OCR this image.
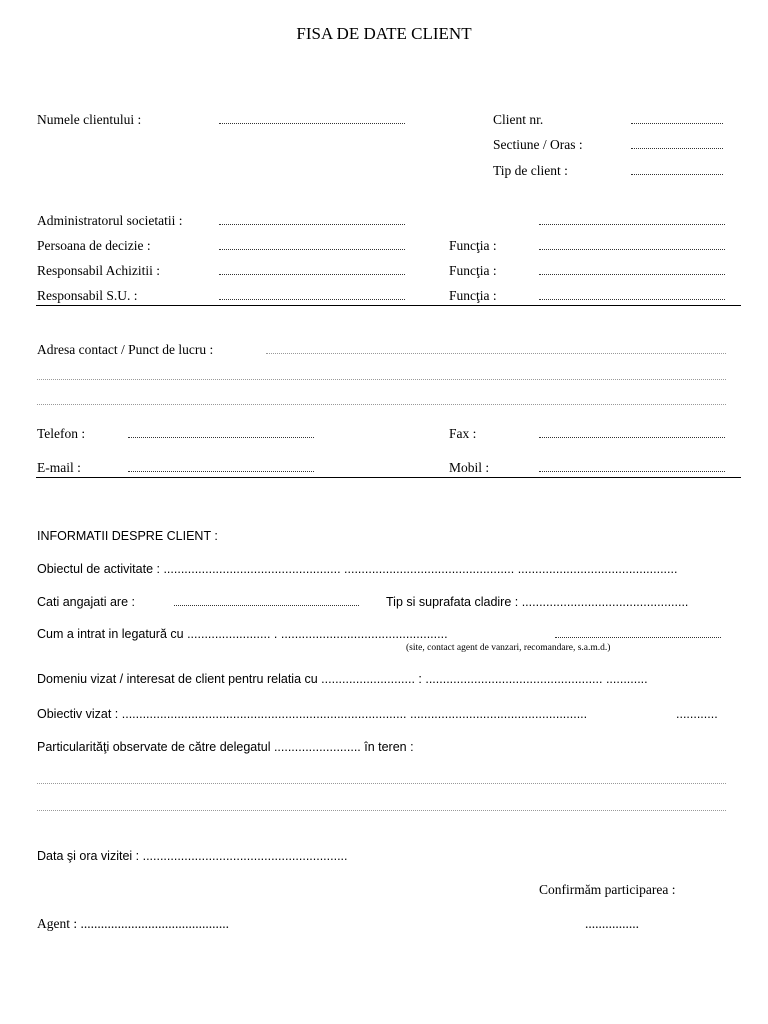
FISA DE DATE CLIENT
Numele clientului :	Client nr.
Sectiune / Oras :
Tip de client :
Administratorul societatii :
Persoana de decizie :	Funcţia :
Responsabil Achizitii :	Funcţia :
Responsabil S.U. :	Funcţia :
Adresa contact / Punct de lucru :
Telefon :	Fax :
E-mail :	Mobil :
INFORMATII DESPRE CLIENT :
Obiectul de activitate : ................................................... ................................................. ..............................................
Cati angajati are :	Tip si suprafata cladire : ................................................
Cum a intrat in legatură cu ........................ . ................................................
(site, contact agent de vanzari, recomandare, s.a.m.d.)
Domeniu vizat / interesat de client pentru relatia cu ........................... : ................................................... ............
Obiectiv vizat : .................................................................................. ...................................................	............
Particularităţi observate de către delegatul ......................... în teren :
Data şi ora vizitei : ...........................................................
Confirmăm participarea :
Agent : ............................................	................
